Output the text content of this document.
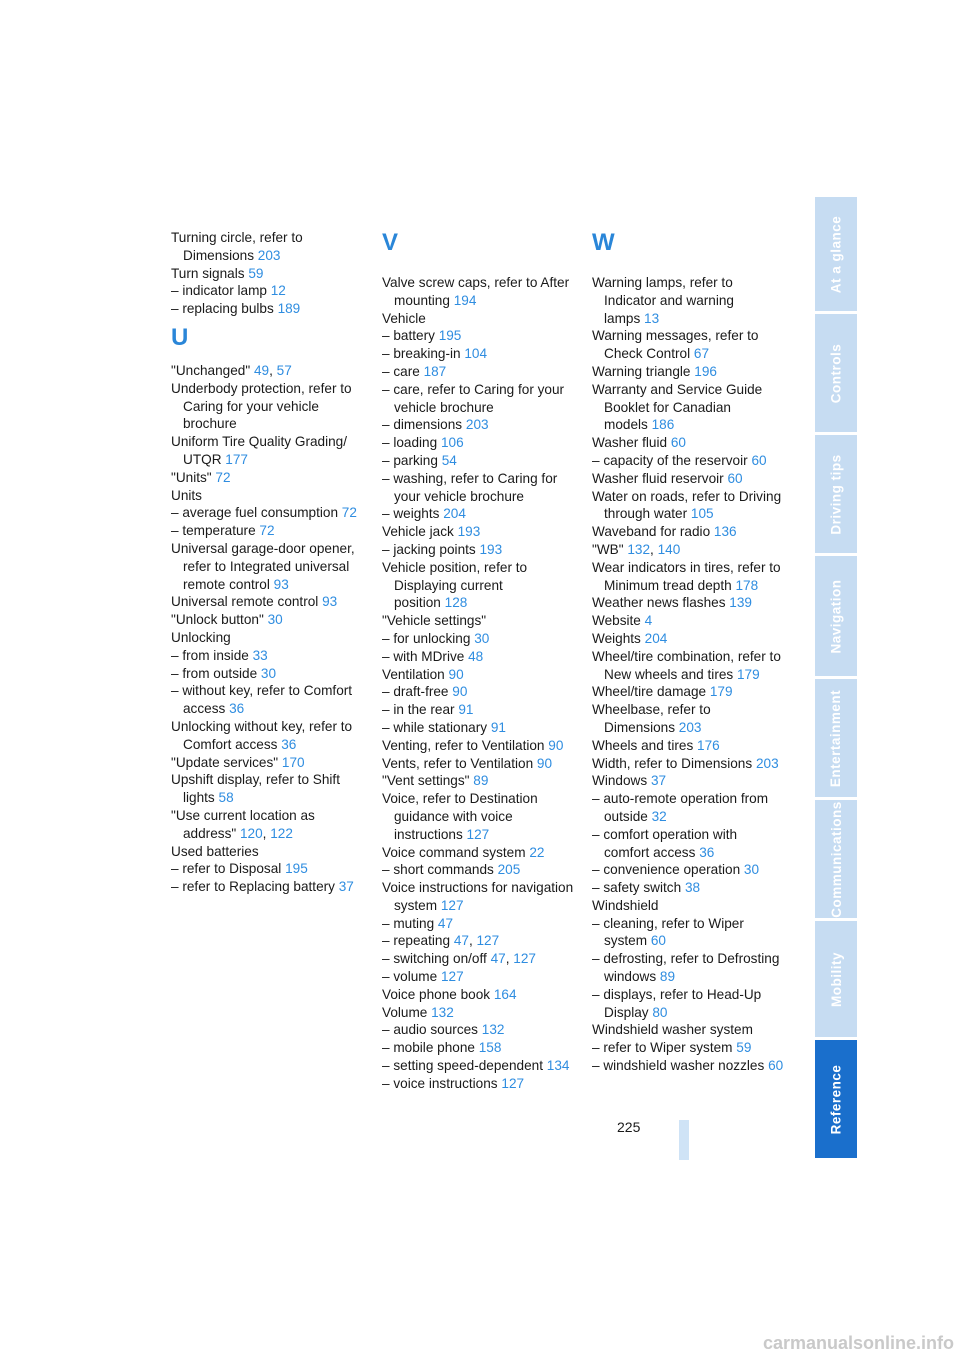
Turning circle, refer to Dimensions 203
Turn signals 59
– indicator lamp 12
– replacing bulbs 189
U
"Unchanged" 49, 57
Underbody protection, refer to Caring for your vehicle brochure
Uniform Tire Quality Grading/ UTQR 177
"Units" 72
Units
– average fuel consumption 72
– temperature 72
Universal garage-door opener, refer to Integrated universal remote control 93
Universal remote control 93
"Unlock button" 30
Unlocking
– from inside 33
– from outside 30
– without key, refer to Comfort access 36
Unlocking without key, refer to Comfort access 36
"Update services" 170
Upshift display, refer to Shift lights 58
"Use current location as address" 120, 122
Used batteries
– refer to Disposal 195
– refer to Replacing battery 37
V
Valve screw caps, refer to After mounting 194
Vehicle
– battery 195
– breaking-in 104
– care 187
– care, refer to Caring for your vehicle brochure
– dimensions 203
– loading 106
– parking 54
– washing, refer to Caring for your vehicle brochure
– weights 204
Vehicle jack 193
– jacking points 193
Vehicle position, refer to Displaying current position 128
"Vehicle settings"
– for unlocking 30
– with MDrive 48
Ventilation 90
– draft-free 90
– in the rear 91
– while stationary 91
Venting, refer to Ventilation 90
Vents, refer to Ventilation 90
"Vent settings" 89
Voice, refer to Destination guidance with voice instructions 127
Voice command system 22
– short commands 205
Voice instructions for navigation system 127
– muting 47
– repeating 47, 127
– switching on/off 47, 127
– volume 127
Voice phone book 164
Volume 132
– audio sources 132
– mobile phone 158
– setting speed-dependent 134
– voice instructions 127
W
Warning lamps, refer to Indicator and warning lamps 13
Warning messages, refer to Check Control 67
Warning triangle 196
Warranty and Service Guide Booklet for Canadian models 186
Washer fluid 60
– capacity of the reservoir 60
Washer fluid reservoir 60
Water on roads, refer to Driving through water 105
Waveband for radio 136
"WB" 132, 140
Wear indicators in tires, refer to Minimum tread depth 178
Weather news flashes 139
Website 4
Weights 204
Wheel/tire combination, refer to New wheels and tires 179
Wheel/tire damage 179
Wheelbase, refer to Dimensions 203
Wheels and tires 176
Width, refer to Dimensions 203
Windows 37
– auto-remote operation from outside 32
– comfort operation with comfort access 36
– convenience operation 30
– safety switch 38
Windshield
– cleaning, refer to Wiper system 60
– defrosting, refer to Defrosting windows 89
– displays, refer to Head-Up Display 80
Windshield washer system
– refer to Wiper system 59
– windshield washer nozzles 60
225
At a glance
Controls
Driving tips
Navigation
Entertainment
Communications
Mobility
Reference
carmanualsonline.info
